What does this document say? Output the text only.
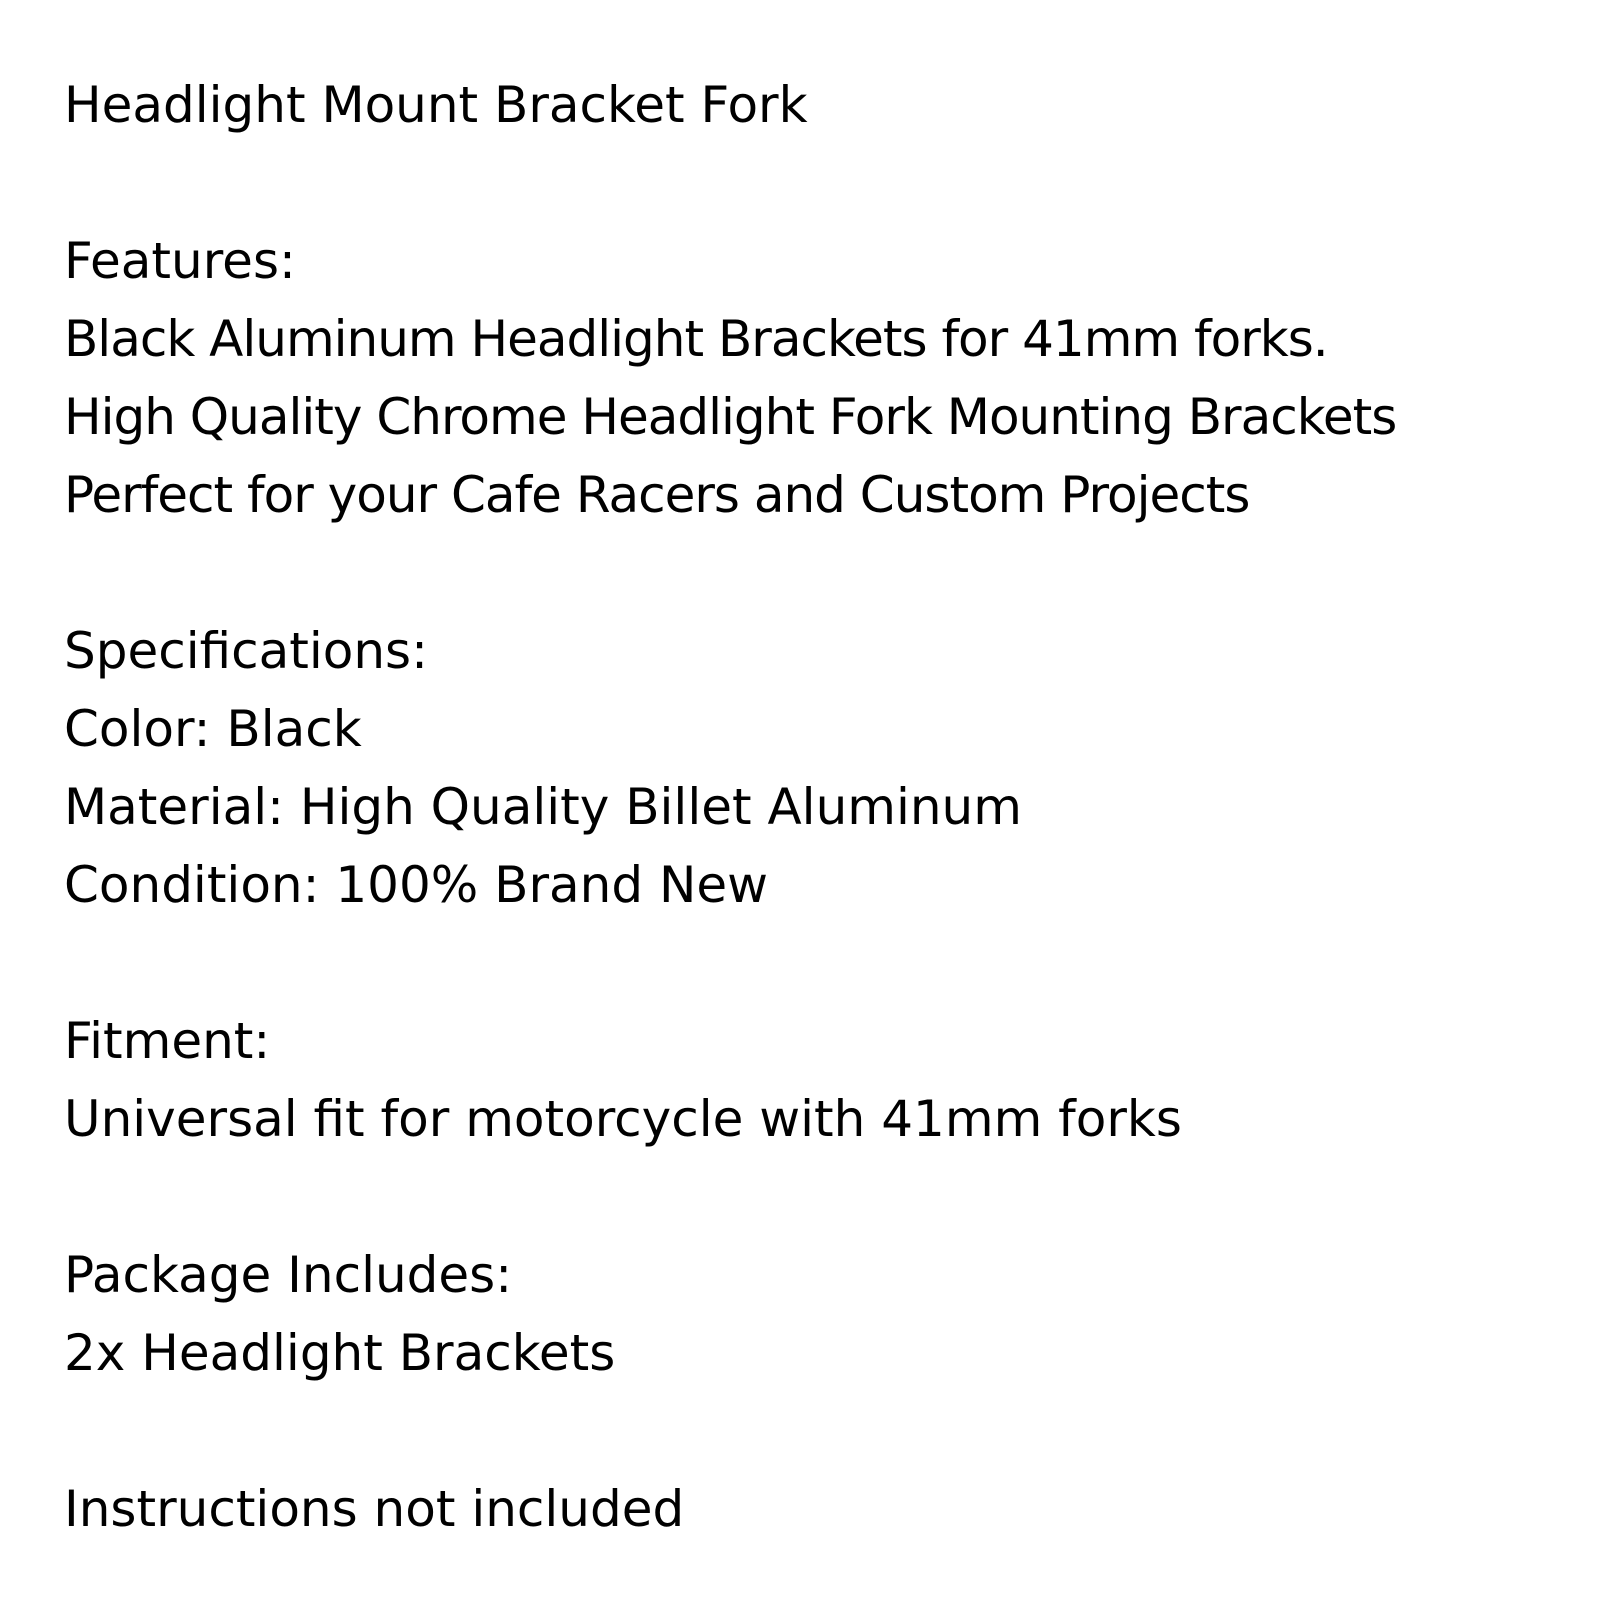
Headlight Mount Bracket Fork
Features:
Black Aluminum Headlight Brackets for 41mm forks.
High Quality Chrome Headlight Fork Mounting Brackets
Perfect for your Cafe Racers and Custom Projects
Specifications:
Color: Black
Material: High Quality Billet Aluminum
Condition: 100% Brand New
Fitment:
Universal fit for motorcycle with 41mm forks
Package Includes:
2x Headlight Brackets
Instructions not included
